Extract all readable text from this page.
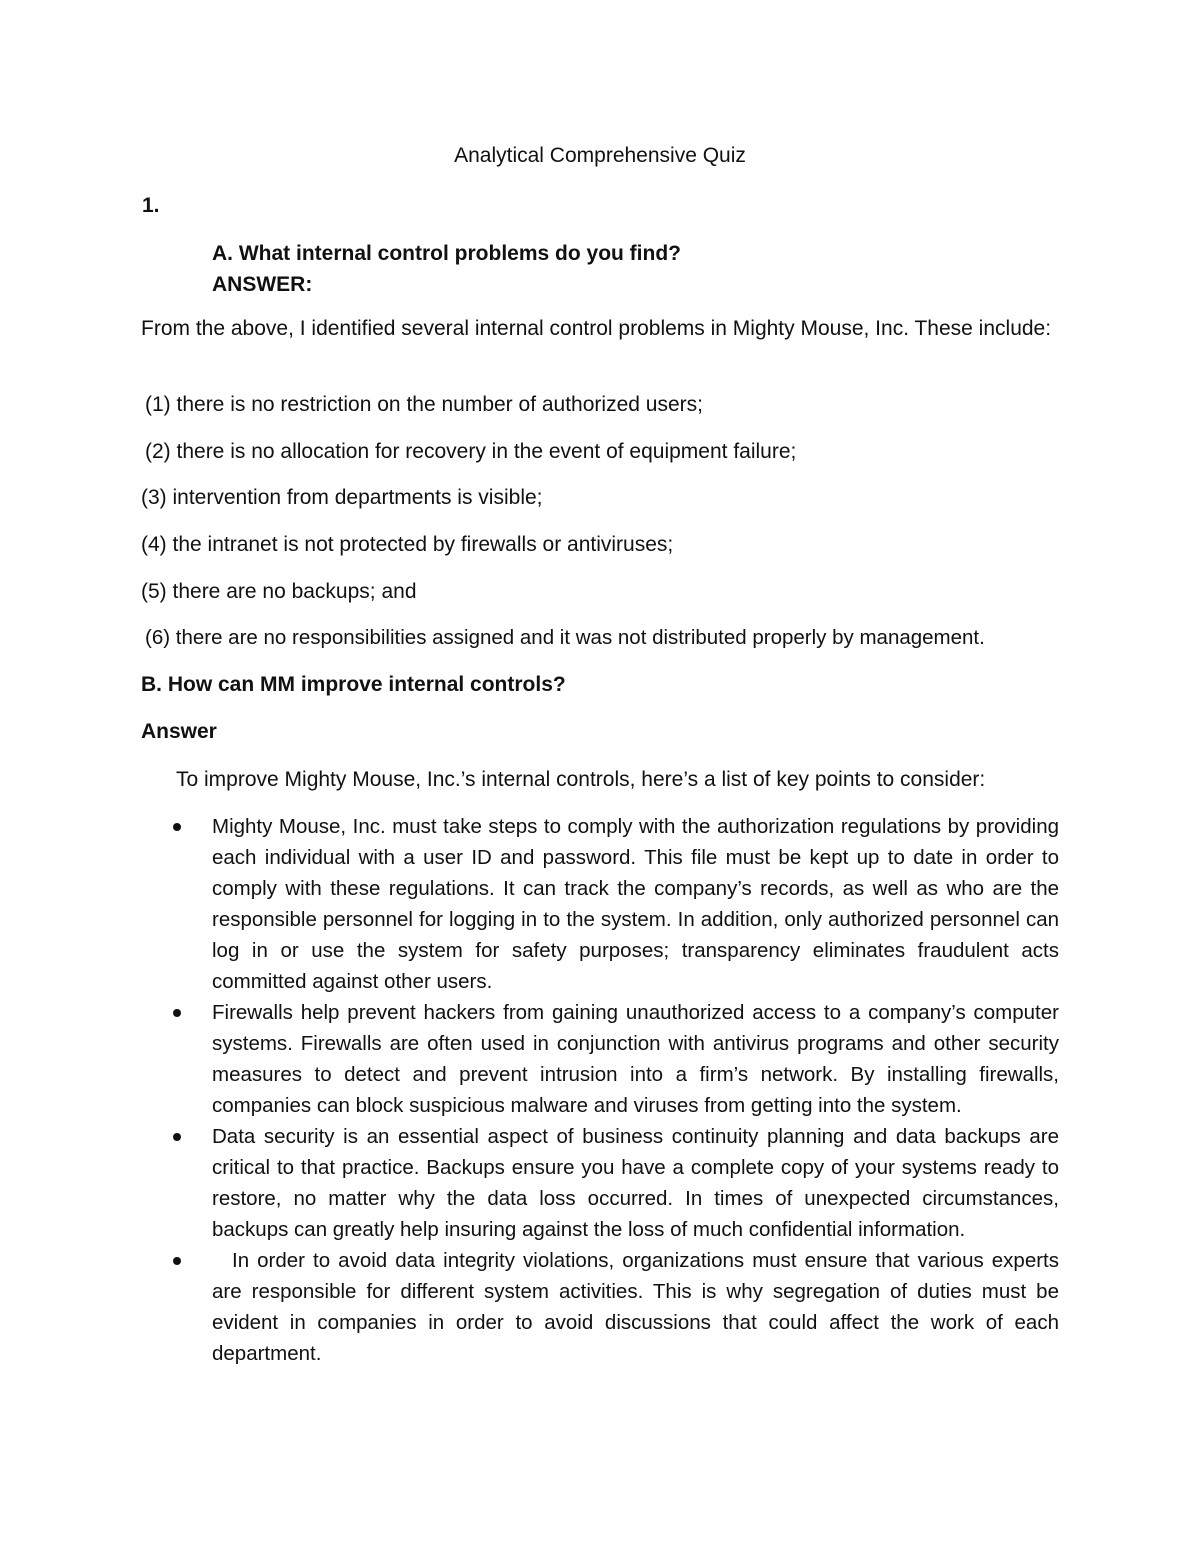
Analytical Comprehensive Quiz
1.
A. What internal control problems do you find?
ANSWER:
From the above, I identified several internal control problems in Mighty Mouse, Inc. These include:
(1) there is no restriction on the number of authorized users;
(2) there is no allocation for recovery in the event of equipment failure;
(3) intervention from departments is visible;
(4) the intranet is not protected by firewalls or antiviruses;
(5) there are no backups; and
(6) there are no responsibilities assigned and it was not distributed properly by management.
B. How can MM improve internal controls?
Answer
To improve Mighty Mouse, Inc.’s internal controls, here’s a list of key points to consider:
Mighty Mouse, Inc. must take steps to comply with the authorization regulations by providing each individual with a user ID and password. This file must be kept up to date in order to comply with these regulations. It can track the company’s records, as well as who are the responsible personnel for logging in to the system. In addition, only authorized personnel can log in or use the system for safety purposes; transparency eliminates fraudulent acts committed against other users.
Firewalls help prevent hackers from gaining unauthorized access to a company’s computer systems. Firewalls are often used in conjunction with antivirus programs and other security measures to detect and prevent intrusion into a firm’s network. By installing firewalls, companies can block suspicious malware and viruses from getting into the system.
Data security is an essential aspect of business continuity planning and data backups are critical to that practice. Backups ensure you have a complete copy of your systems ready to restore, no matter why the data loss occurred. In times of unexpected circumstances, backups can greatly help insuring against the loss of much confidential information.
In order to avoid data integrity violations, organizations must ensure that various experts are responsible for different system activities. This is why segregation of duties must be evident in companies in order to avoid discussions that could affect the work of each department.
